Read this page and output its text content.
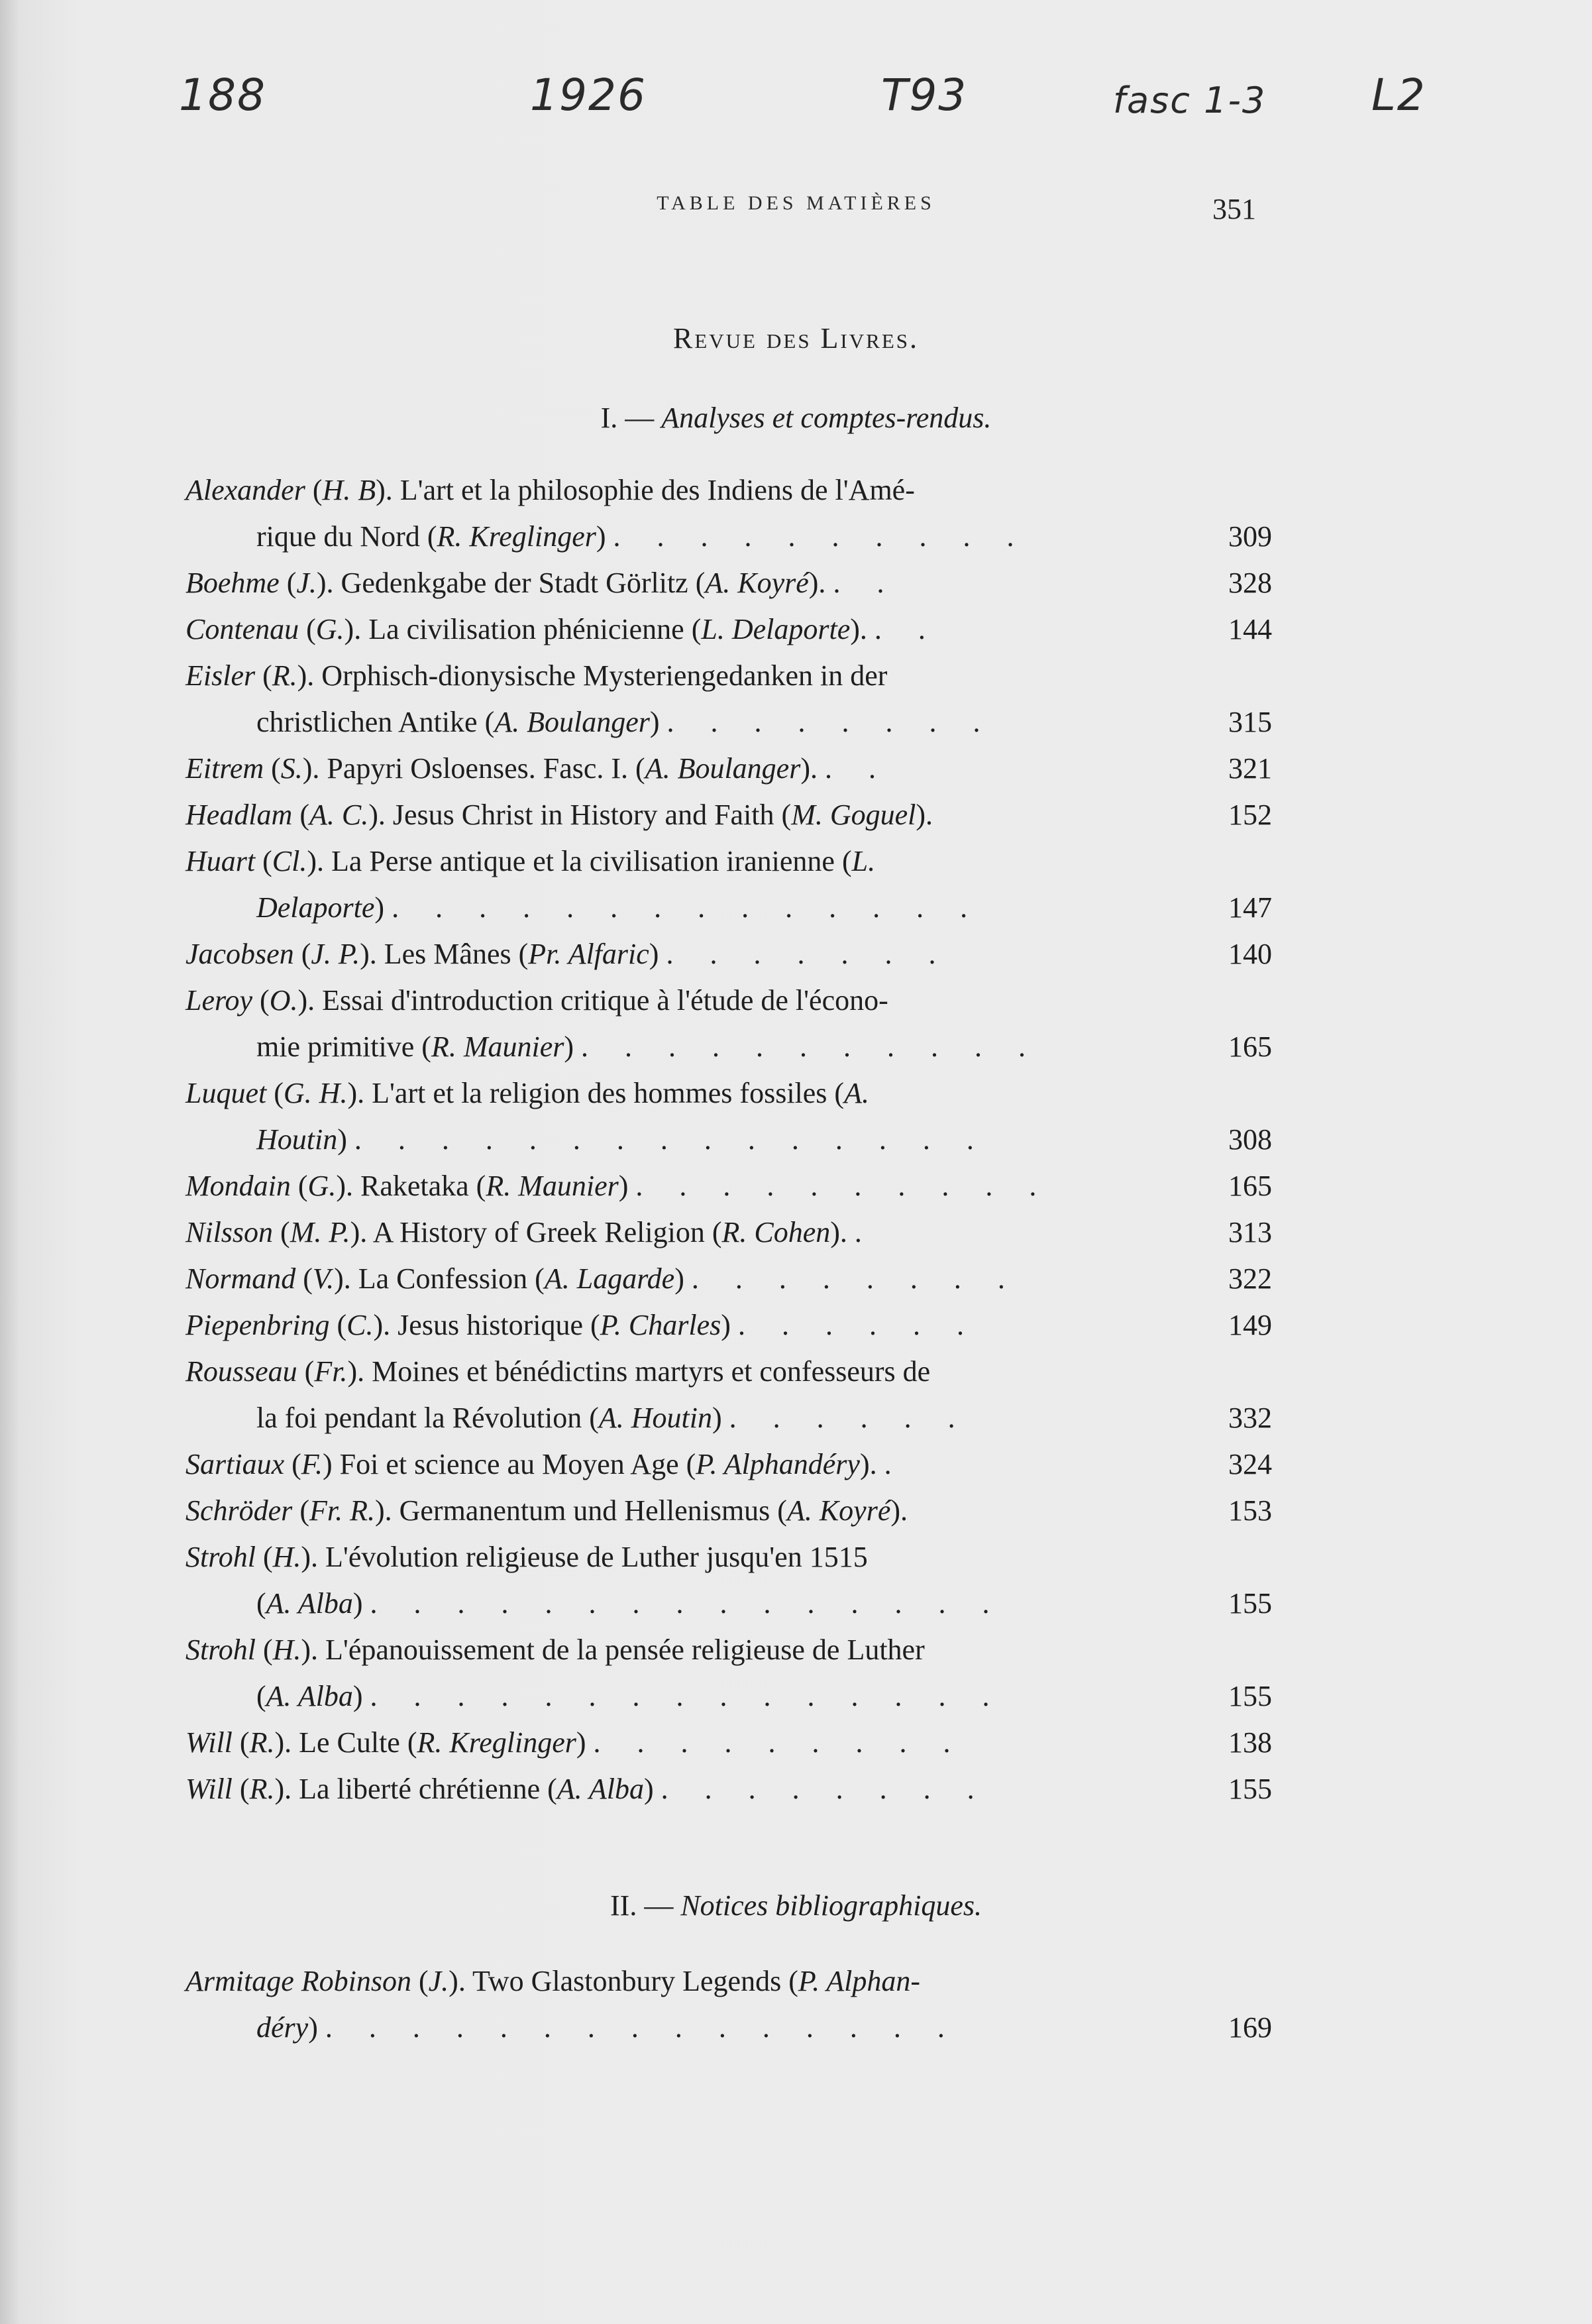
188	1926	T93	fasc 1-3 L2
TABLE DES MATIÈRES	351
Revue des Livres.
I. — Analyses et comptes-rendus.
Alexander (H. B). L'art et la philosophie des Indiens de l'Amé-
rique du Nord (R. Kreglinger) . . . . . . . . . .	309
Boehme (J.). Gedenkgabe der Stadt Görlitz (A. Koyré). . .	328
Contenau (G.). La civilisation phénicienne (L. Delaporte). . .	144
Eisler (R.). Orphisch-dionysische Mysteriengedanken in der
christlichen Antike (A. Boulanger) . . . . . . . .	315
Eitrem (S.). Papyri Osloenses. Fasc. I. (A. Boulanger). . .	321
Headlam (A. C.). Jesus Christ in History and Faith (M. Goguel).	152
Huart (Cl.). La Perse antique et la civilisation iranienne (L.
Delaporte) . . . . . . . . . . . . . .	147
Jacobsen (J. P.). Les Mânes (Pr. Alfaric) . . . . . . .	140
Leroy (O.). Essai d'introduction critique à l'étude de l'écono-
mie primitive (R. Maunier) . . . . . . . . . . .	165
Luquet (G. H.). L'art et la religion des hommes fossiles (A.
Houtin) . . . . . . . . . . . . . . .	308
Mondain (G.). Raketaka (R. Maunier) . . . . . . . . . .	165
Nilsson (M. P.). A History of Greek Religion (R. Cohen). .	313
Normand (V.). La Confession (A. Lagarde) . . . . . . . .	322
Piepenbring (C.). Jesus historique (P. Charles) . . . . . .	149
Rousseau (Fr.). Moines et bénédictins martyrs et confesseurs de
la foi pendant la Révolution (A. Houtin) . . . . . .	332
Sartiaux (F.) Foi et science au Moyen Age (P. Alphandéry). .	324
Schröder (Fr. R.). Germanentum und Hellenismus (A. Koyré).	153
Strohl (H.). L'évolution religieuse de Luther jusqu'en 1515
(A. Alba) . . . . . . . . . . . . . . .	155
Strohl (H.). L'épanouissement de la pensée religieuse de Luther
(A. Alba) . . . . . . . . . . . . . . .	155
Will (R.). Le Culte (R. Kreglinger) . . . . . . . . .	138
Will (R.). La liberté chrétienne (A. Alba) . . . . . . . .	155
II. — Notices bibliographiques.
Armitage Robinson (J.). Two Glastonbury Legends (P. Alphan-
déry) . . . . . . . . . . . . . . .	169
